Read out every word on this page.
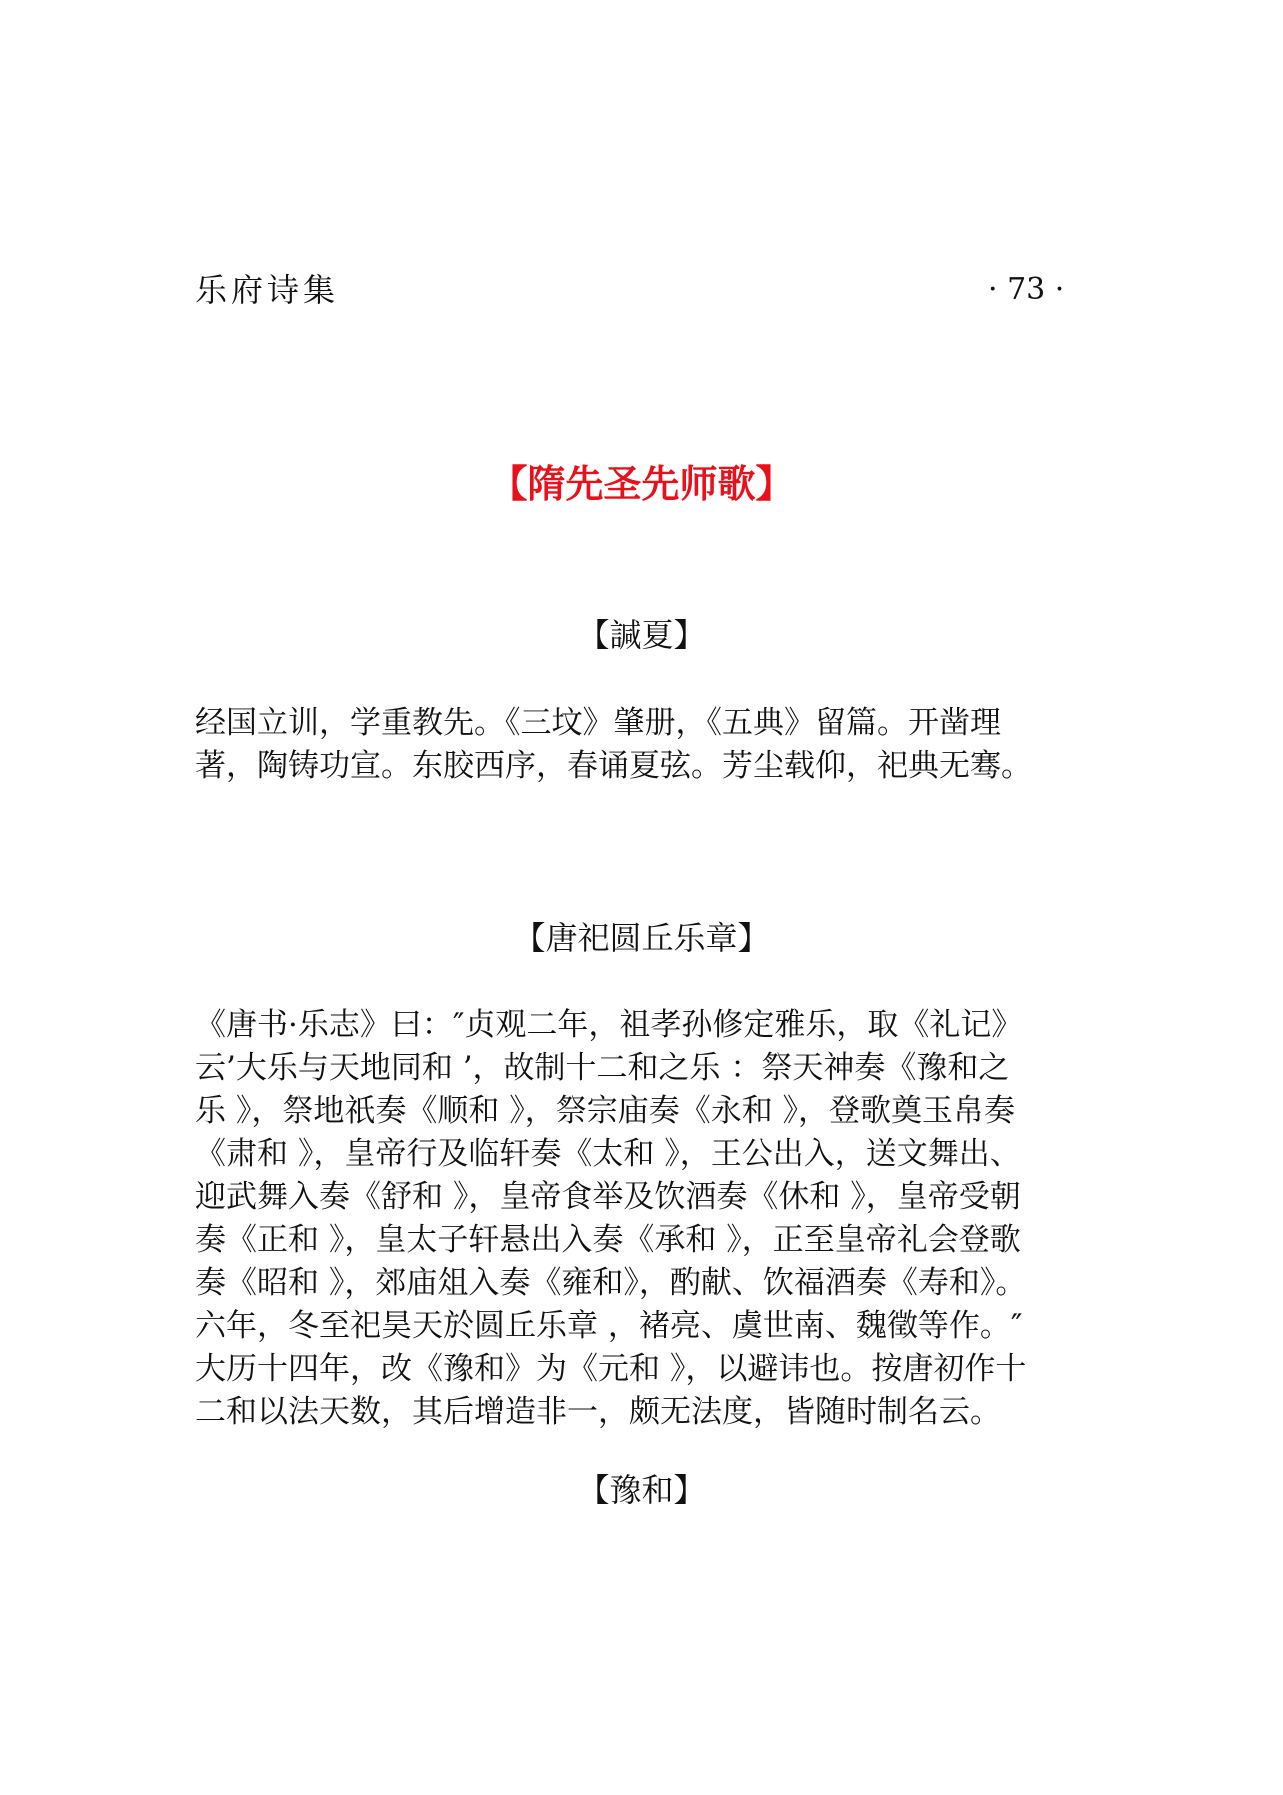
乐府诗集	· 73 ·
【隋先圣先师歌】
【諴夏】
经国立训，学重教先。《三坟》肇册，《五典》留篇。开凿理
著，陶铸功宣。东胶西序，春诵夏弦。芳尘载仰，祀典无骞。
【唐祀圆丘乐章】
《唐书·乐志》曰：″贞观二年，祖孝孙修定雅乐，取《礼记》
云’大乐与天地同和 ’，故制十二和之乐 ：祭天神奏《豫和之
乐 》，祭地祇奏《顺和 》，祭宗庙奏《永和 》，登歌奠玉帛奏
《肃和 》，皇帝行及临轩奏《太和 》，王公出入，送文舞出、
迎武舞入奏《舒和 》，皇帝食举及饮酒奏《休和 》，皇帝受朝
奏《正和 》，皇太子轩悬出入奏《承和 》，正至皇帝礼会登歌
奏《昭和 》，郊庙俎入奏《雍和》，酌献、饮福酒奏《寿和》。
六年，冬至祀昊天於圆丘乐章 ，褚亮、虞世南、魏徵等作。″
大历十四年，改《豫和》为《元和 》，以避讳也。按唐初作十
二和以法天数，其后增造非一，颇无法度，皆随时制名云。
【豫和】
